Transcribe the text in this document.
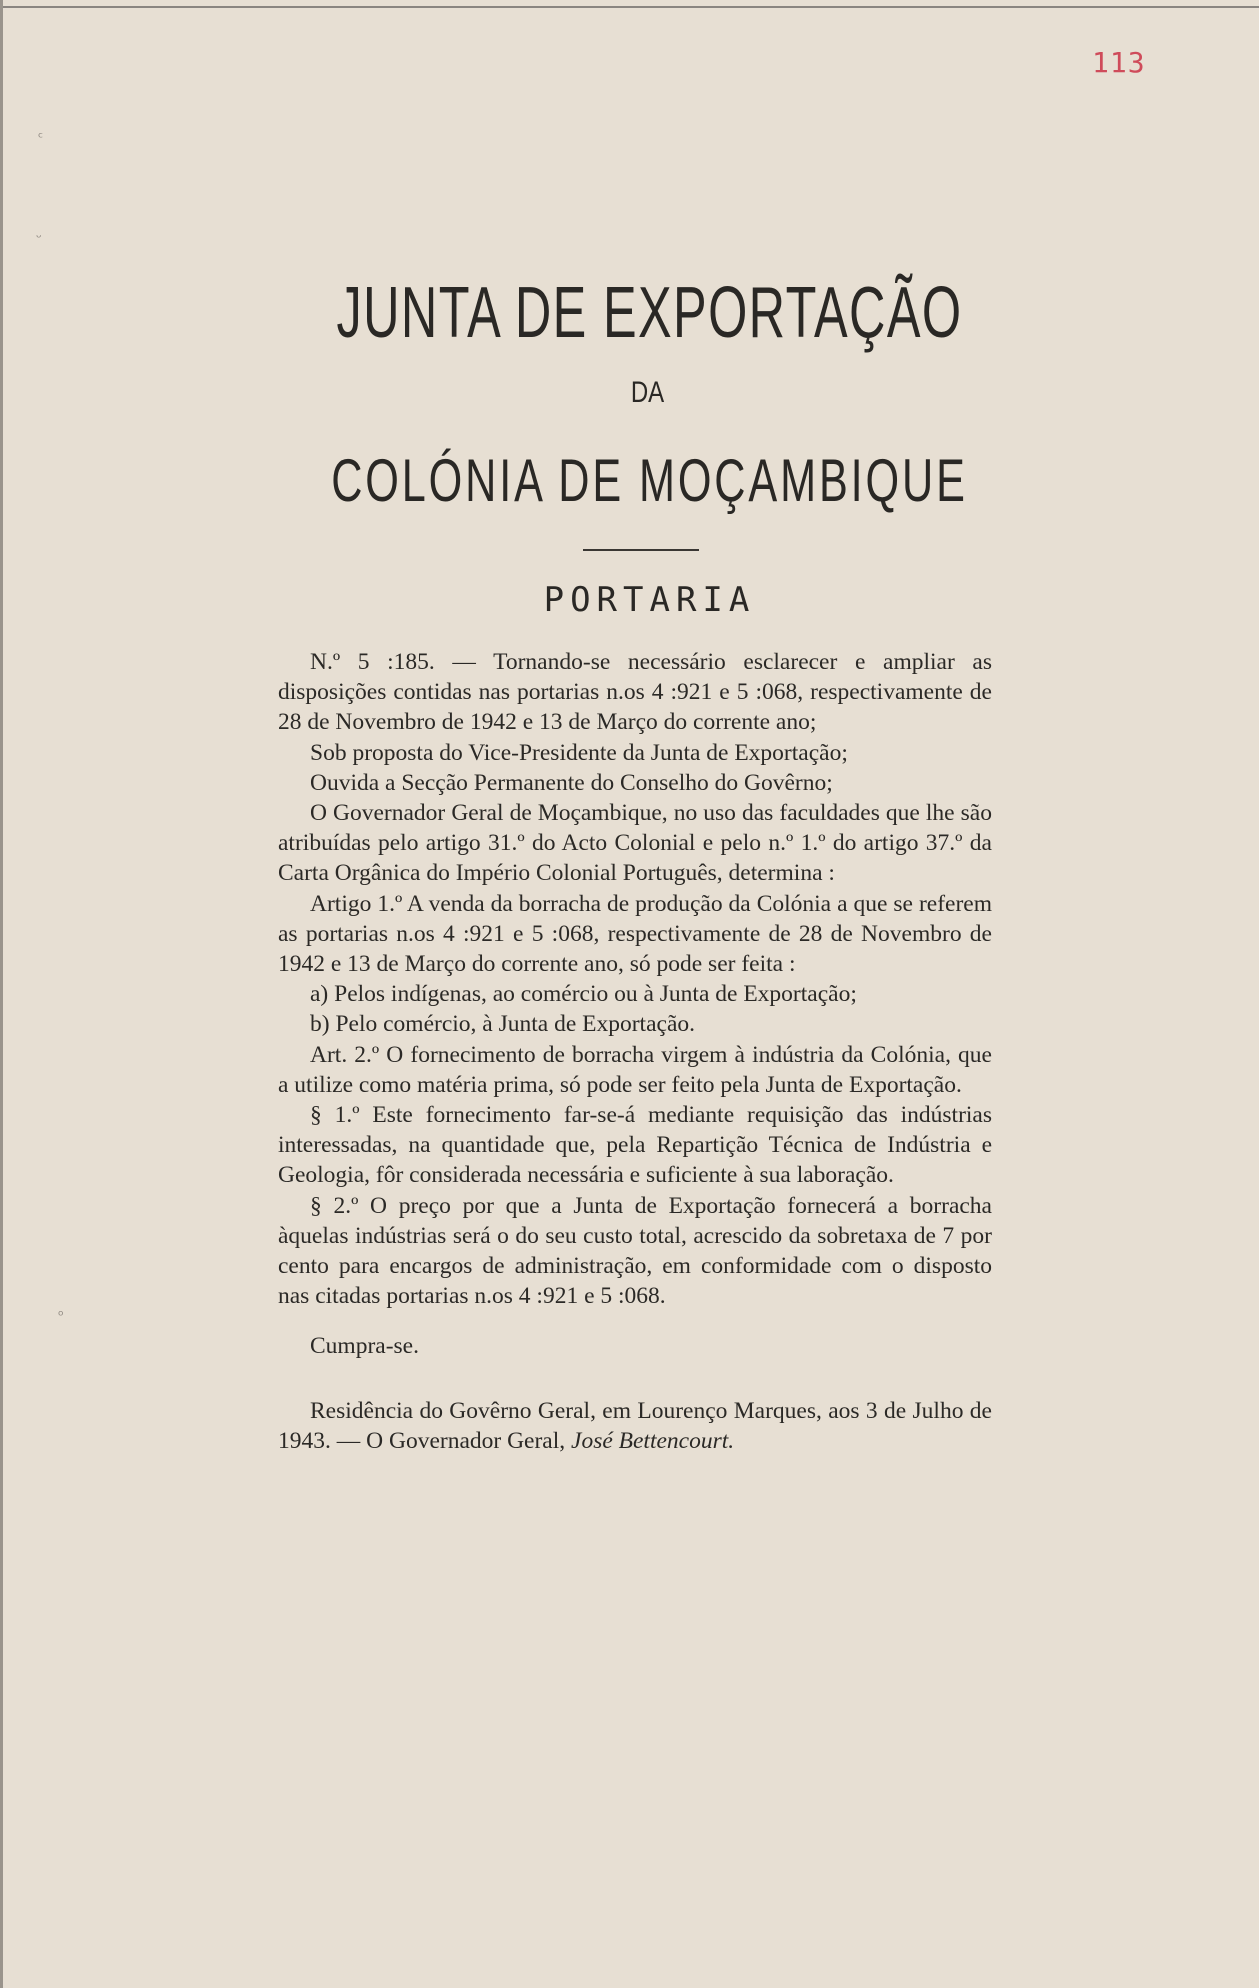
ᶜ
ᵕ
ᵒ
113
JUNTA DE EXPORTAÇÃO
DA
COLÓNIA DE MOÇAMBIQUE
PORTARIA

N.º 5 :185. — Tornando-se necessário esclarecer e ampliar as disposições contidas nas portarias n.os 4 :921 e 5 :068, respectivamente de 28 de Novembro de 1942 e 13 de Março do corrente ano;

Sob proposta do Vice-Presidente da Junta de Exportação;

Ouvida a Secção Permanente do Conselho do Govêrno;

O Governador Geral de Moçambique, no uso das faculdades que lhe são atribuídas pelo artigo 31.º do Acto Colonial e pelo n.º 1.º do artigo 37.º da Carta Orgânica do Império Colonial Português, determina :

Artigo 1.º A venda da borracha de produção da Colónia a que se referem as portarias n.os 4 :921 e 5 :068, respectivamente de 28 de Novembro de 1942 e 13 de Março do corrente ano, só pode ser feita :

a) Pelos indígenas, ao comércio ou à Junta de Exportação;

b) Pelo comércio, à Junta de Exportação.

Art. 2.º O fornecimento de borracha virgem à indústria da Colónia, que a utilize como matéria prima, só pode ser feito pela Junta de Exportação.

§ 1.º Este fornecimento far-se-á mediante requisição das indústrias interessadas, na quantidade que, pela Repartição Técnica de Indústria e Geologia, fôr considerada necessária e suficiente à sua laboração.

§ 2.º O preço por que a Junta de Exportação fornecerá a borracha àquelas indústrias será o do seu custo total, acrescido da sobretaxa de 7 por cento para encargos de administração, em conformidade com o disposto nas citadas portarias n.os 4 :921 e 5 :068.

Cumpra-se.

Residência do Govêrno Geral, em Lourenço Marques, aos 3 de Julho de 1943. — O Governador Geral, José Bettencourt.
